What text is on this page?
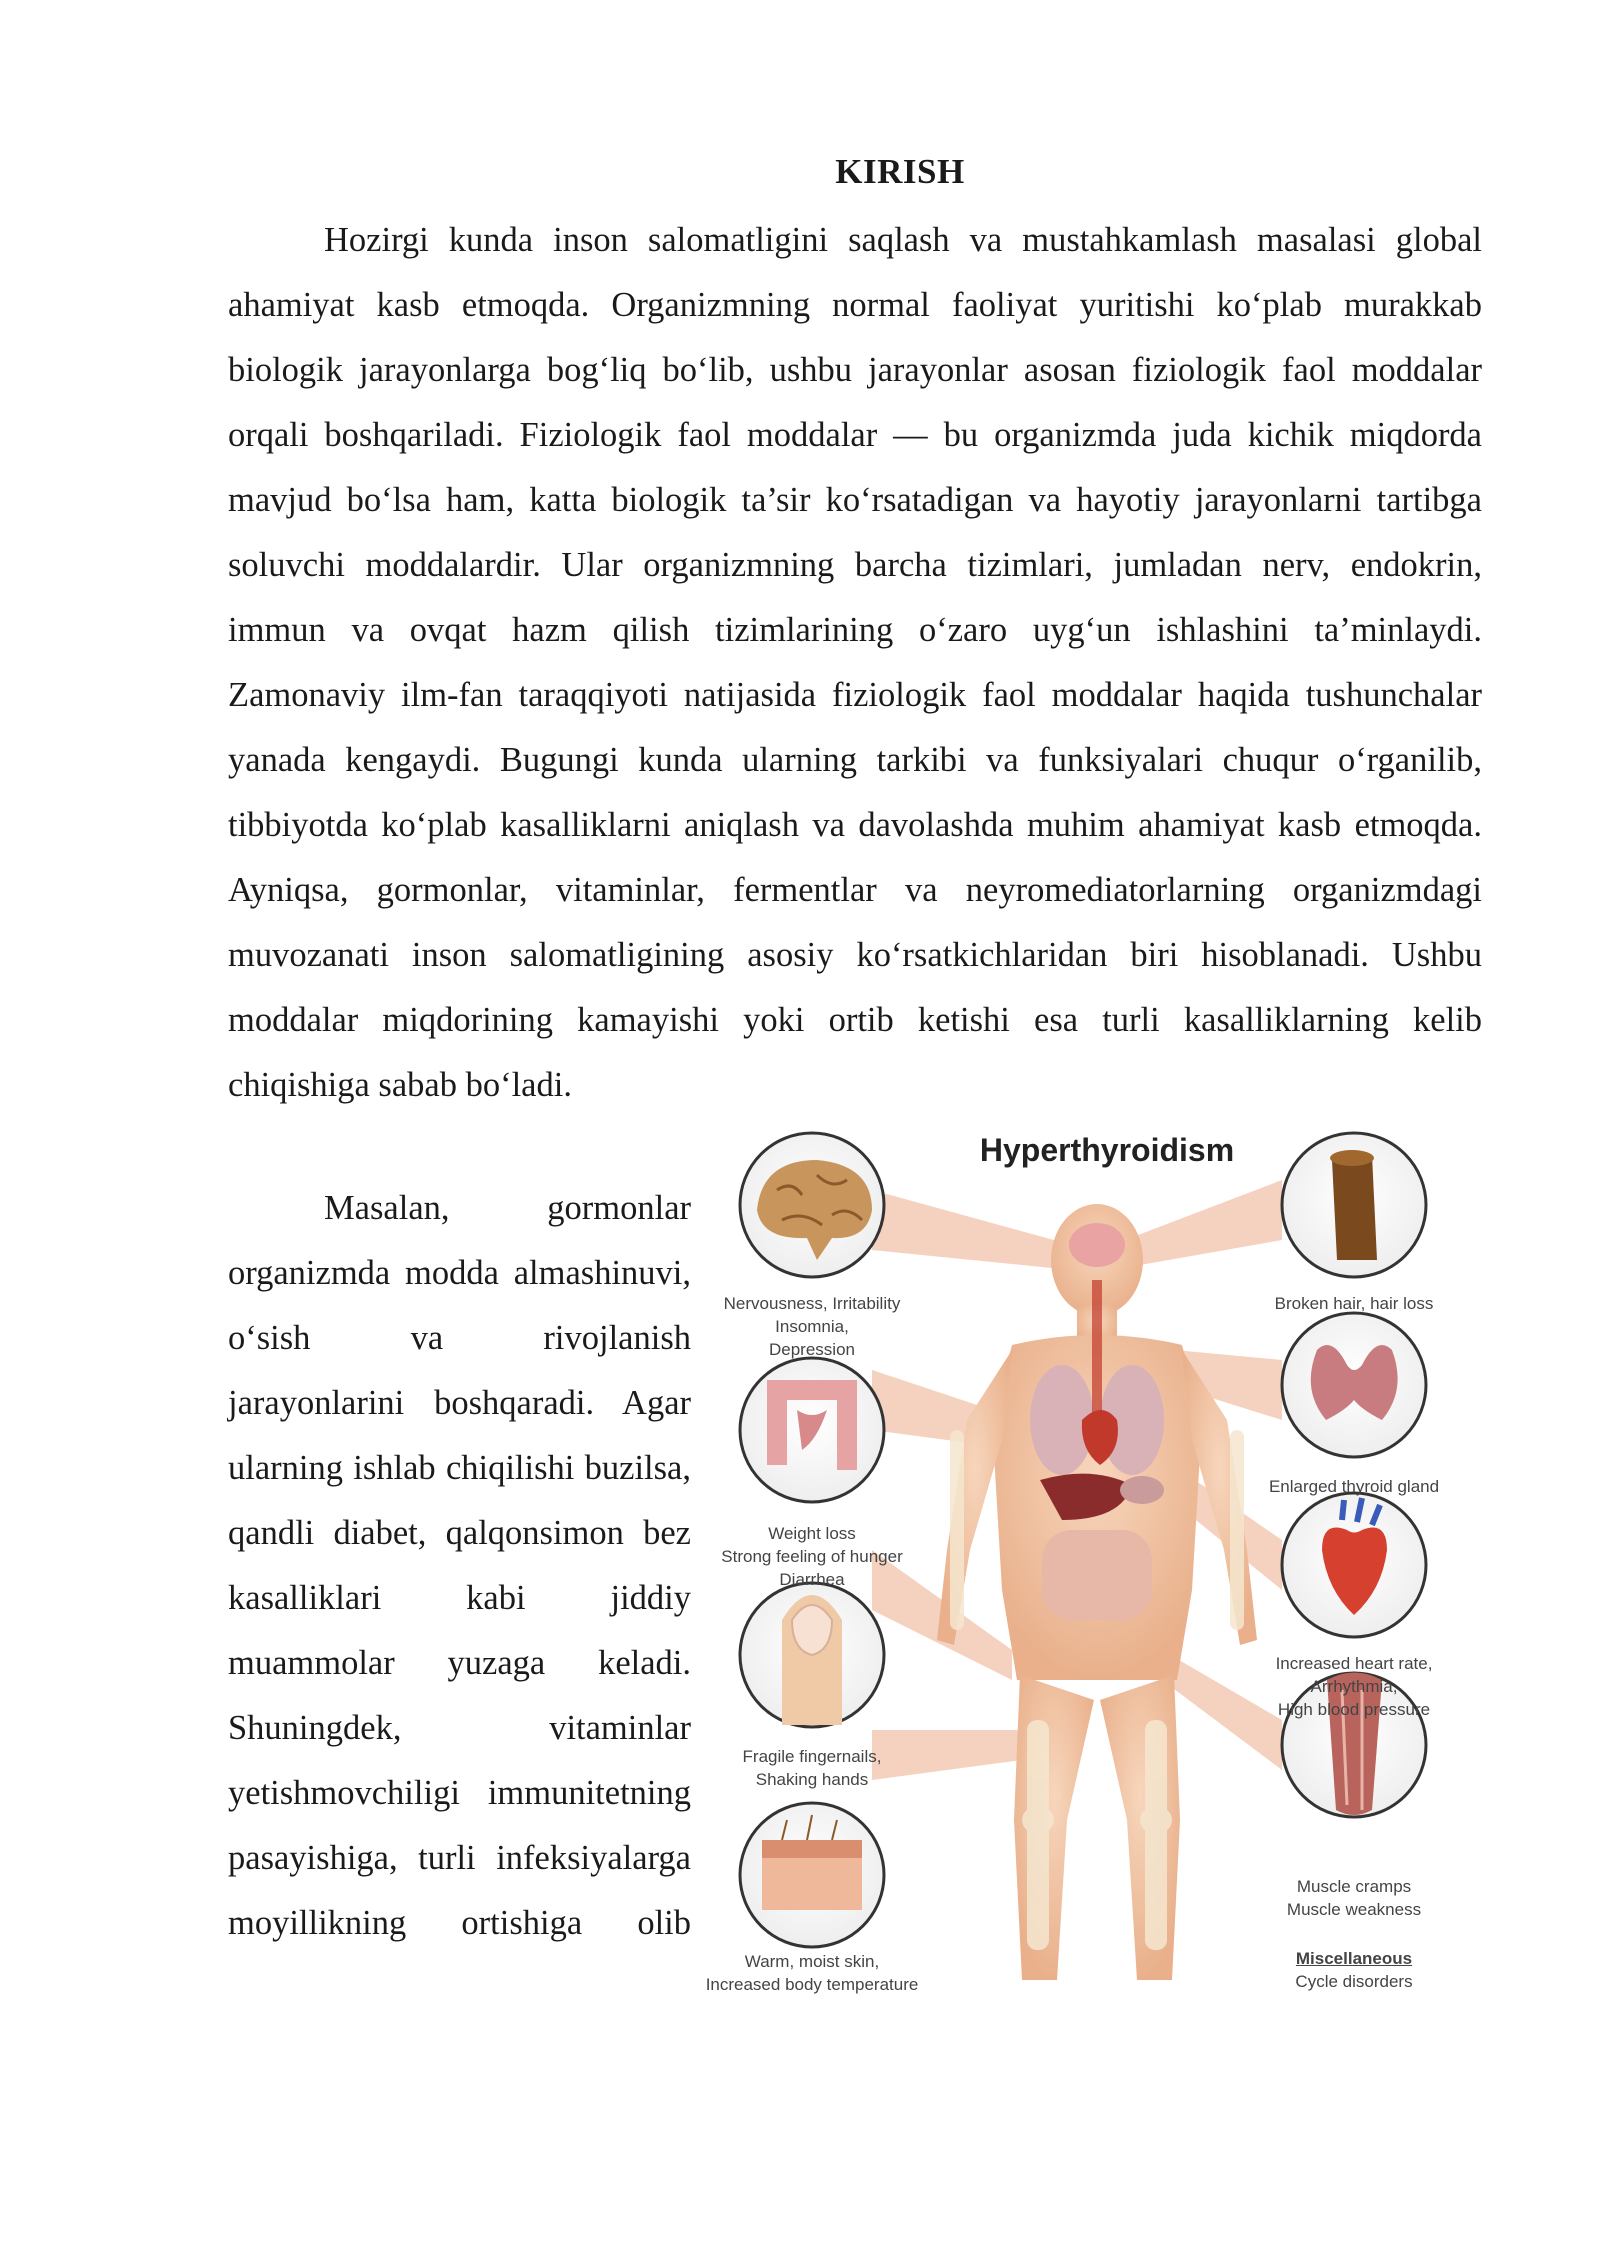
KIRISH

Hozirgi kunda inson salomatligini saqlash va mustahkamlash masalasi global ahamiyat kasb etmoqda. Organizmning normal faoliyat yuritishi ko‘plab murakkab biologik jarayonlarga bog‘liq bo‘lib, ushbu jarayonlar asosan fiziologik faol moddalar orqali boshqariladi. Fiziologik faol moddalar — bu organizmda juda kichik miqdorda mavjud bo‘lsa ham, katta biologik ta’sir ko‘rsatadigan va hayotiy jarayonlarni tartibga soluvchi moddalardir. Ular organizmning barcha tizimlari, jumladan nerv, endokrin, immun va ovqat hazm qilish tizimlarining o‘zaro uyg‘un ishlashini ta’minlaydi. Zamonaviy ilm-fan taraqqiyoti natijasida fiziologik faol moddalar haqida tushunchalar yanada kengaydi. Bugungi kunda ularning tarkibi va funksiyalari chuqur o‘rganilib, tibbiyotda ko‘plab kasalliklarni aniqlash va davolashda muhim ahamiyat kasb etmoqda. Ayniqsa, gormonlar, vitaminlar, fermentlar va neyromediatorlarning organizmdagi muvozanati inson salomatligining asosiy ko‘rsatkichlaridan biri hisoblanadi. Ushbu moddalar miqdorining kamayishi yoki ortib ketishi esa turli kasalliklarning kelib chiqishiga sabab bo‘ladi.

Masalan, gormonlar organizmda modda almashinuvi, o‘sish va rivojlanish jarayonlarini boshqaradi. Agar ularning ishlab chiqilishi buzilsa, qandli diabet, qalqonsimon bez kasalliklari kabi jiddiy muammolar yuzaga keladi. Shuningdek, vitaminlar yetishmovchiligi immunitetning pasayishiga, turli infeksiyalarga moyillikning ortishiga olib

Hyperthyroidism
Nervousness, Irritability
Insomnia,
Depression
Weight loss
Strong feeling of hunger
Diarrhea
Fragile fingernails,
Shaking hands
Warm, moist skin,
Increased body temperature
Broken hair, hair loss
Enlarged thyroid gland
Increased heart rate,
Arrhythmia,
High blood pressure
Muscle cramps
Muscle weakness
Miscellaneous
Cycle disorders
